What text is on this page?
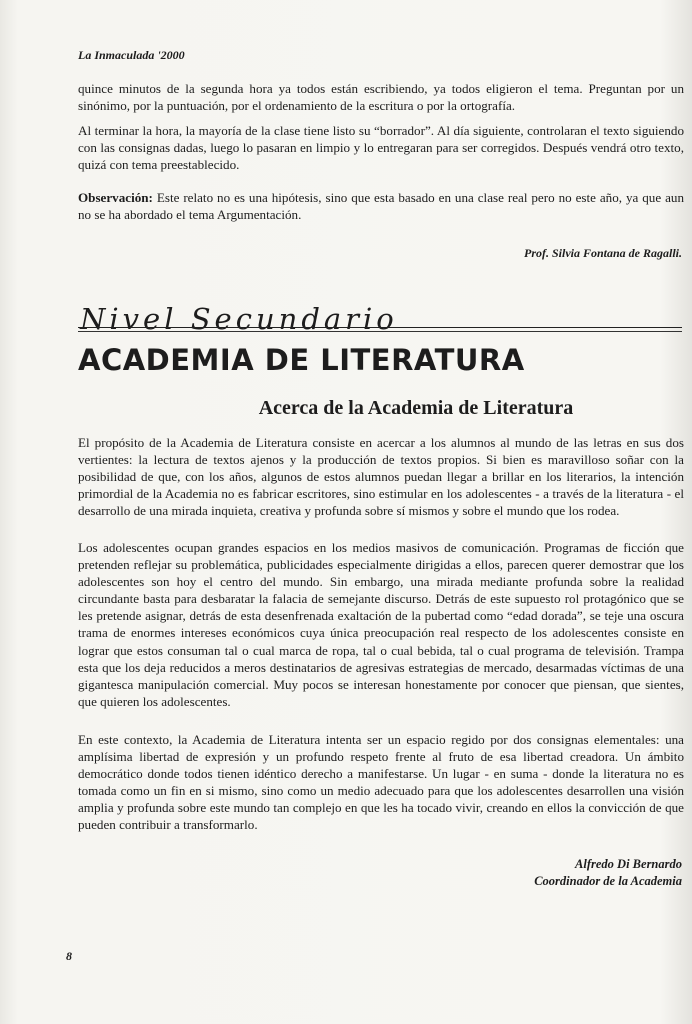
La Inmaculada '2000

quince minutos de la segunda hora ya todos están escribiendo, ya todos eligieron el tema. Preguntan por un sinónimo, por la puntuación, por el ordenamiento de la escritura o por la ortografía.

Al terminar la hora, la mayoría de la clase tiene listo su “borrador”. Al día siguiente, controlaran el texto siguiendo con las consignas dadas, luego lo pasaran en limpio y lo entregaran para ser corregidos. Después vendrá otro texto, quizá con tema preestablecido.

Observación: Este relato no es una hipótesis, sino que esta basado en una clase real pero no este año, ya que aun no se ha abordado el tema Argumentación.

Prof. Silvia Fontana de Ragalli.
Nivel Secundario
ACADEMIA DE LITERATURA
Acerca de la Academia de Literatura

El propósito de la Academia de Literatura consiste en acercar a los alumnos al mundo de las letras en sus dos vertientes: la lectura de textos ajenos y la producción de textos propios. Si bien es maravilloso soñar con la posibilidad de que, con los años, algunos de estos alumnos puedan llegar a brillar en los literarios, la intención primordial de la Academia no es fabricar escritores, sino estimular en los adolescentes - a través de la literatura - el desarrollo de una mirada inquieta, creativa y profunda sobre sí mismos y sobre el mundo que los rodea.

Los adolescentes ocupan grandes espacios en los medios masivos de comunicación. Programas de ficción que pretenden reflejar su problemática, publicidades especialmente dirigidas a ellos, parecen querer demostrar que los adolescentes son hoy el centro del mundo. Sin embargo, una mirada mediante profunda sobre la realidad circundante basta para desbaratar la falacia de semejante discurso. Detrás de este supuesto rol protagónico que se les pretende asignar, detrás de esta desenfrenada exaltación de la pubertad como “edad dorada”, se teje una oscura trama de enormes intereses económicos cuya única preocupación real respecto de los adolescentes consiste en lograr que estos consuman tal o cual marca de ropa, tal o cual bebida, tal o cual programa de televisión. Trampa esta que los deja reducidos a meros destinatarios de agresivas estrategias de mercado, desarmadas víctimas de una gigantesca manipulación comercial. Muy pocos se interesan honestamente por conocer que piensan, que sientes, que quieren los adolescentes.

En este contexto, la Academia de Literatura intenta ser un espacio regido por dos consignas elementales: una amplísima libertad de expresión y un profundo respeto frente al fruto de esa libertad creadora. Un ámbito democrático donde todos tienen idéntico derecho a manifestarse. Un lugar - en suma - donde la literatura no es tomada como un fin en si mismo, sino como un medio adecuado para que los adolescentes desarrollen una visión amplia y profunda sobre este mundo tan complejo en que les ha tocado vivir, creando en ellos la convicción de que pueden contribuir a transformarlo.

Alfredo Di Bernardo
Coordinador de la Academia
8
